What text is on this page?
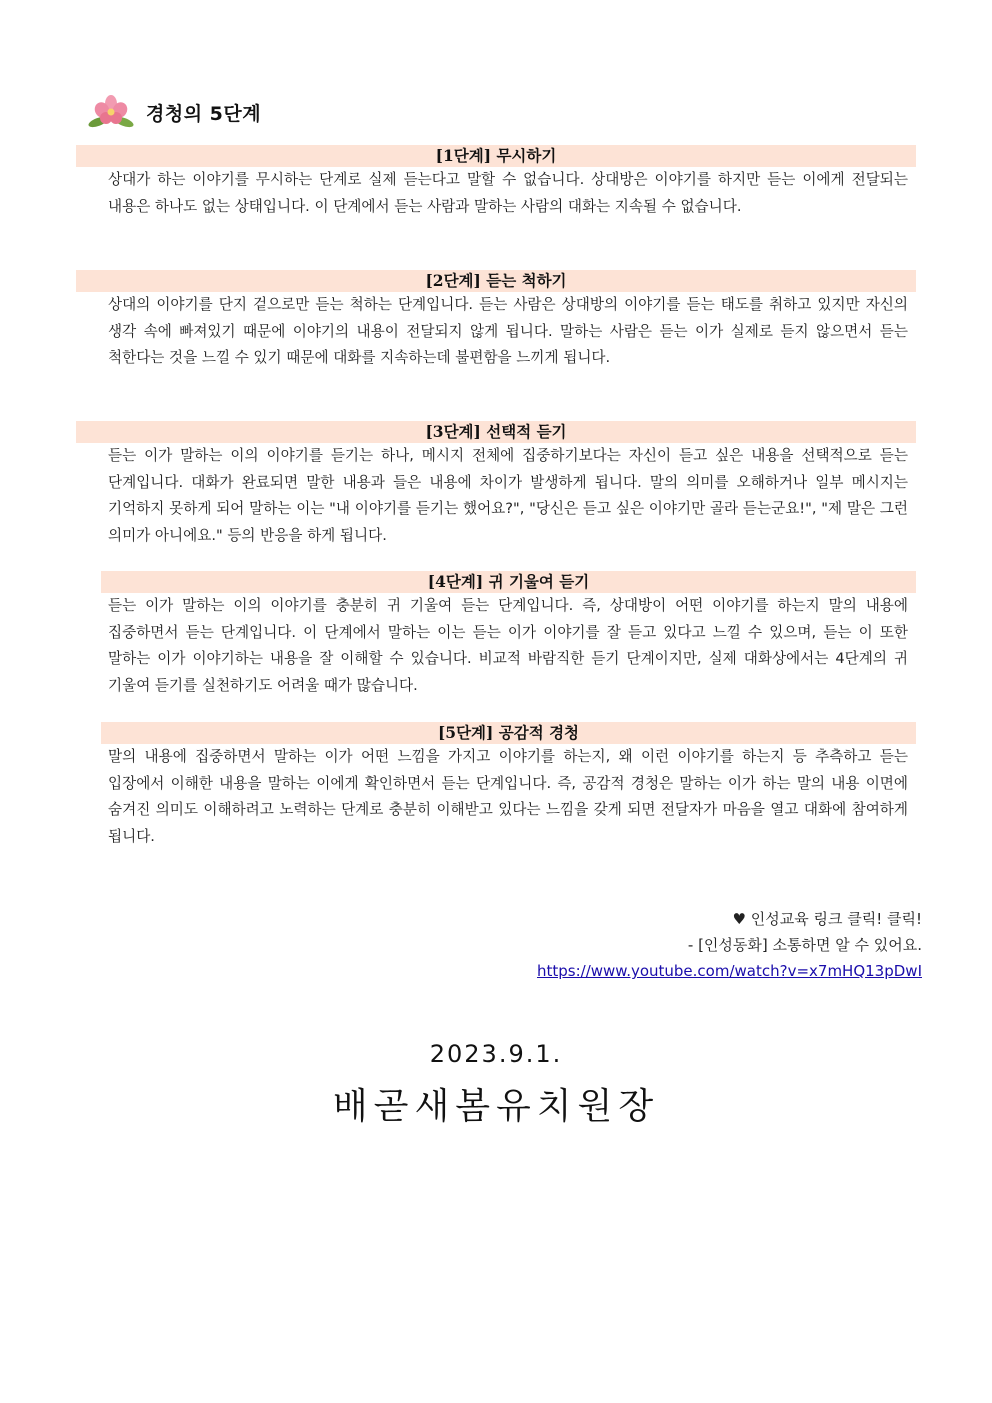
경청의 5단계
[1단계] 무시하기
상대가 하는 이야기를 무시하는 단계로 실제 듣는다고 말할 수 없습니다. 상대방은 이야기를 하지만 듣는 이에게 전달되는 내용은 하나도 없는 상태입니다. 이 단계에서 듣는 사람과 말하는 사람의 대화는 지속될 수 없습니다.
[2단계] 듣는 척하기
상대의 이야기를 단지 겉으로만 듣는 척하는 단계입니다. 듣는 사람은 상대방의 이야기를 듣는 태도를 취하고 있지만 자신의 생각 속에 빠져있기 때문에 이야기의 내용이 전달되지 않게 됩니다. 말하는 사람은 듣는 이가 실제로 듣지 않으면서 듣는 척한다는 것을 느낄 수 있기 때문에 대화를 지속하는데 불편함을 느끼게 됩니다.
[3단계] 선택적 듣기
듣는 이가 말하는 이의 이야기를 듣기는 하나, 메시지 전체에 집중하기보다는 자신이 듣고 싶은 내용을 선택적으로 듣는 단계입니다. 대화가 완료되면 말한 내용과 들은 내용에 차이가 발생하게 됩니다. 말의 의미를 오해하거나 일부 메시지는 기억하지 못하게 되어 말하는 이는 "내 이야기를 듣기는 했어요?", "당신은 듣고 싶은 이야기만 골라 듣는군요!", "제 말은 그런 의미가 아니에요." 등의 반응을 하게 됩니다.
[4단계] 귀 기울여 듣기
듣는 이가 말하는 이의 이야기를 충분히 귀 기울여 듣는 단계입니다. 즉, 상대방이 어떤 이야기를 하는지 말의 내용에 집중하면서 듣는 단계입니다. 이 단계에서 말하는 이는 듣는 이가 이야기를 잘 듣고 있다고 느낄 수 있으며, 듣는 이 또한 말하는 이가 이야기하는 내용을 잘 이해할 수 있습니다. 비교적 바람직한 듣기 단계이지만, 실제 대화상에서는 4단계의 귀 기울여 듣기를 실천하기도 어려울 때가 많습니다.
[5단계] 공감적 경청
말의 내용에 집중하면서 말하는 이가 어떤 느낌을 가지고 이야기를 하는지, 왜 이런 이야기를 하는지 등 추측하고 듣는 입장에서 이해한 내용을 말하는 이에게 확인하면서 듣는 단계입니다. 즉, 공감적 경청은 말하는 이가 하는 말의 내용 이면에 숨겨진 의미도 이해하려고 노력하는 단계로 충분히 이해받고 있다는 느낌을 갖게 되면 전달자가 마음을 열고 대화에 참여하게 됩니다.
♥ 인성교육 링크 클릭! 클릭!
- [인성동화] 소통하면 알 수 있어요.
https://www.youtube.com/watch?v=x7mHQ13pDwI
2023.9.1.
배곧새봄유치원장
